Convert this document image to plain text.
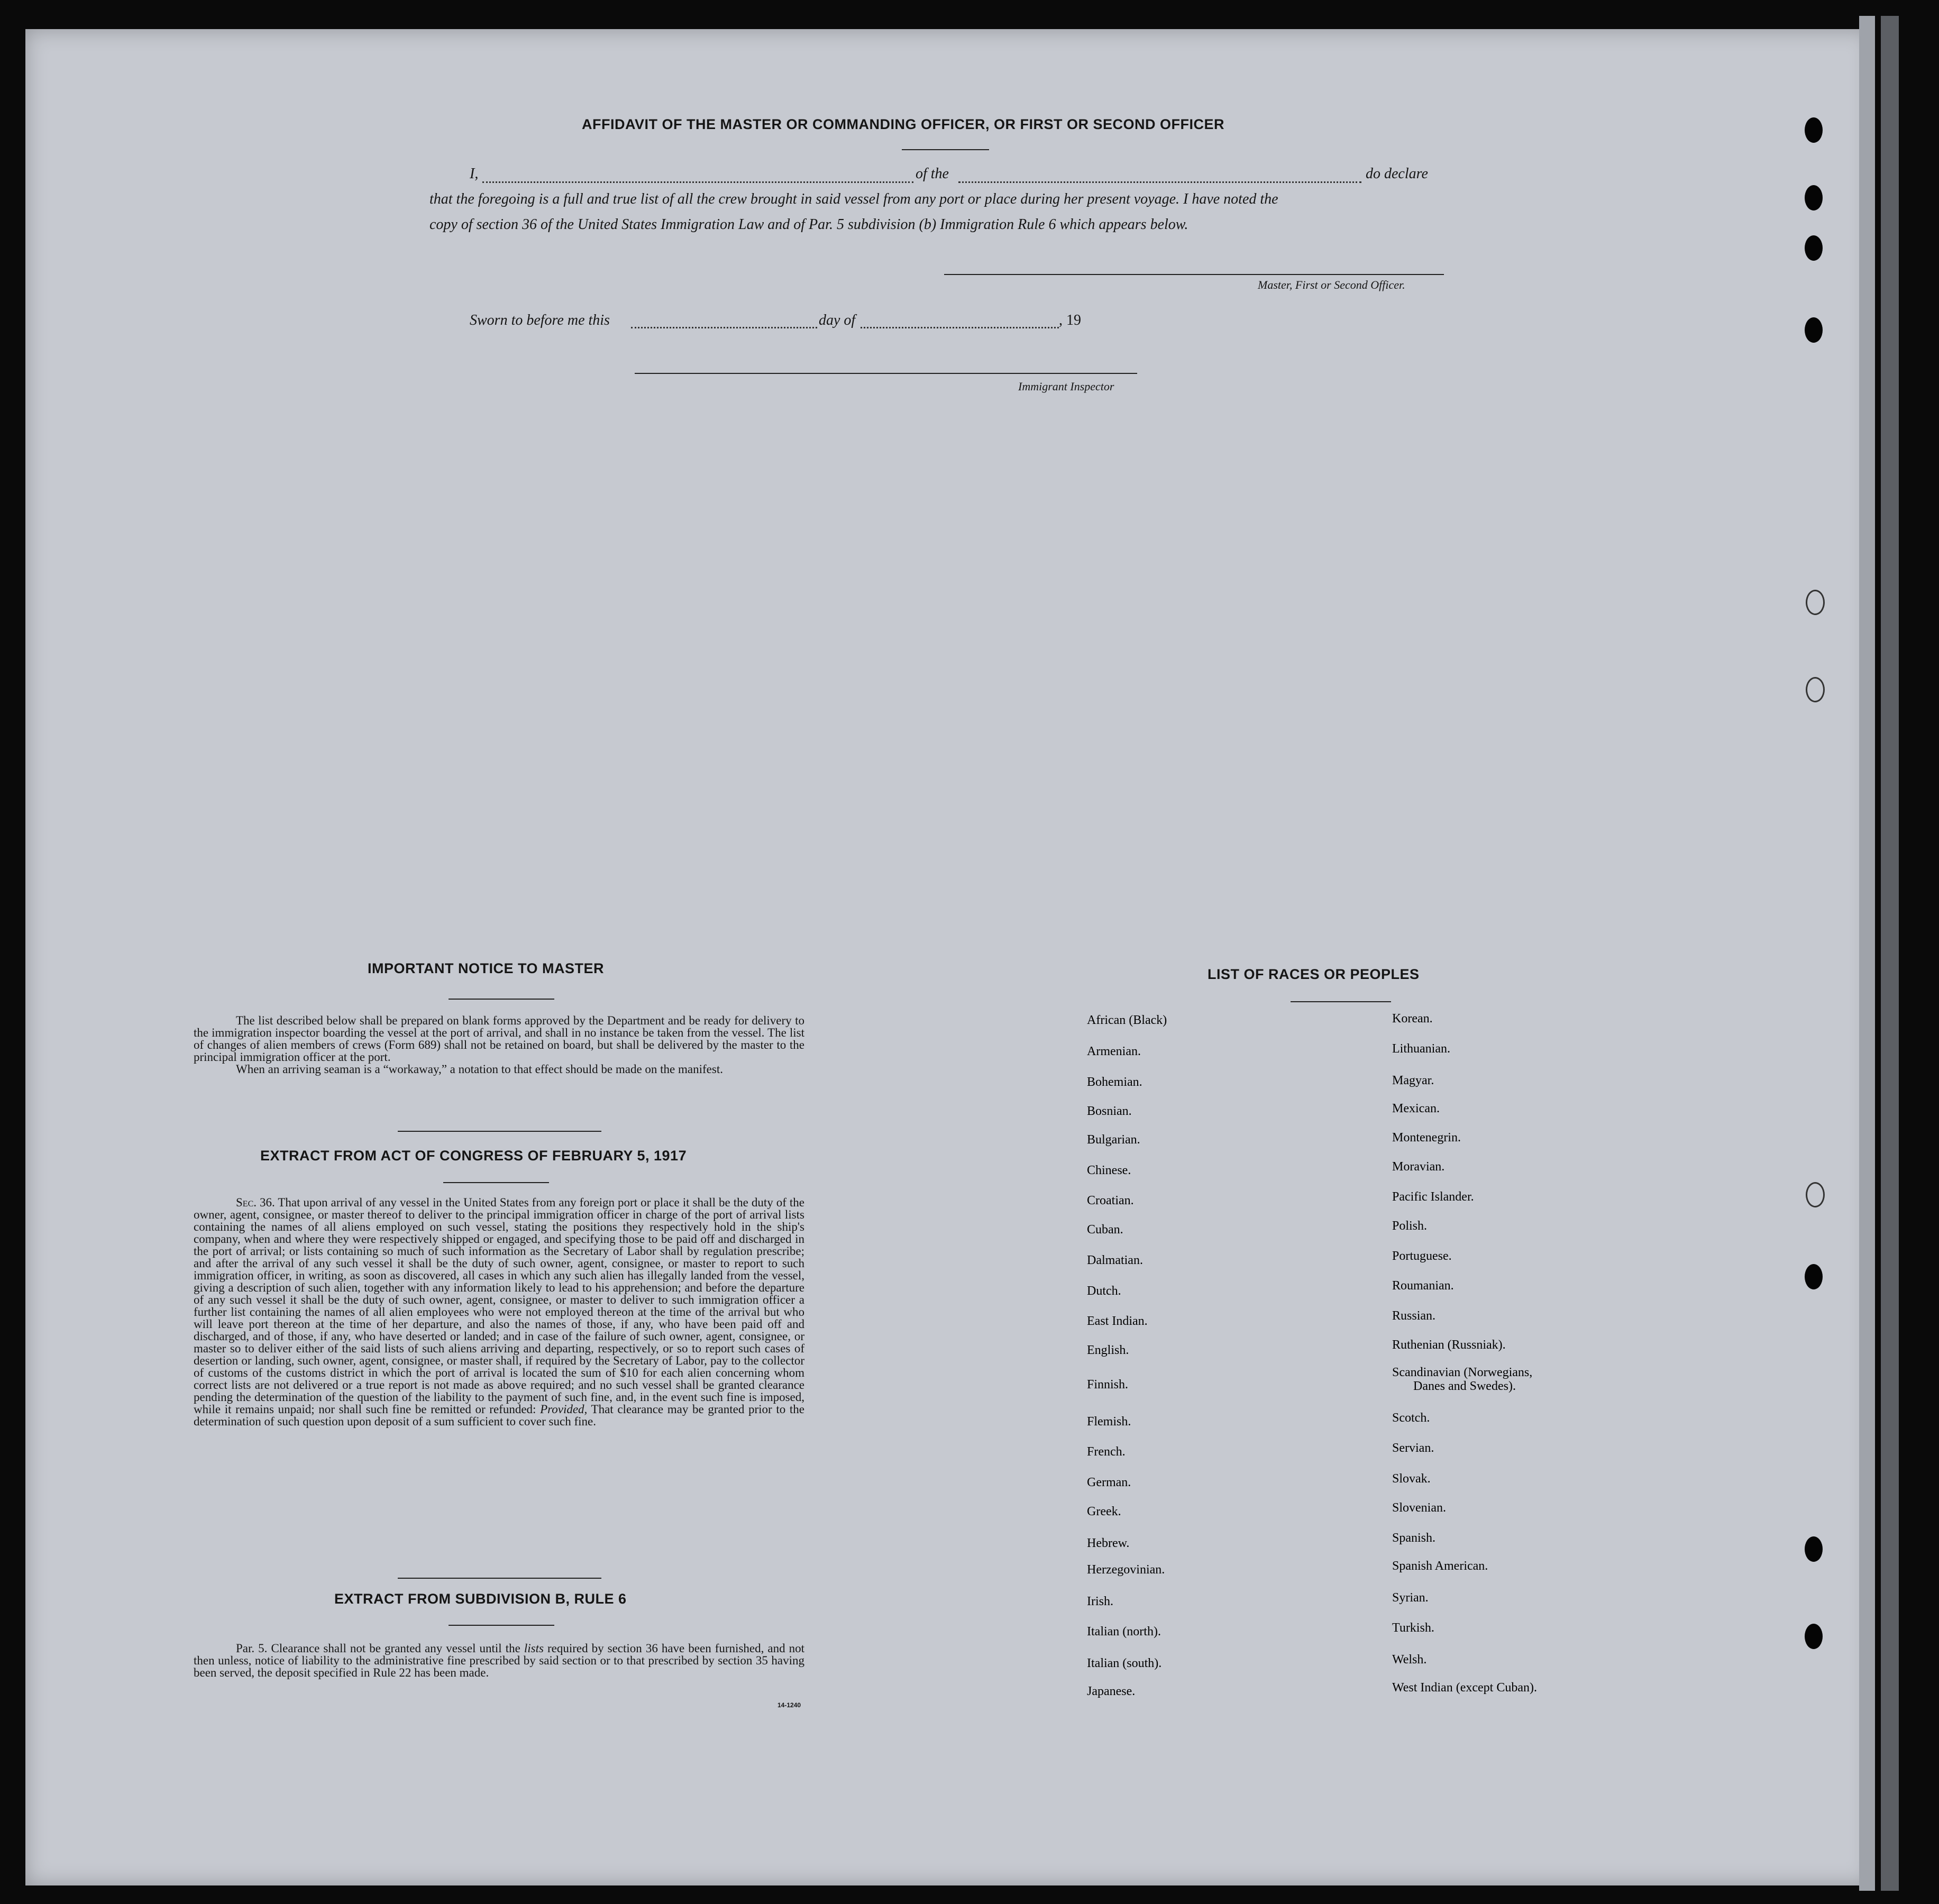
AFFIDAVIT OF THE MASTER OR COMMANDING OFFICER, OR FIRST OR SECOND OFFICER
I,	of the	do declare
that the foregoing is a full and true list of all the crew brought in said vessel from any port or place during her present voyage. I have noted the
copy of section 36 of the United States Immigration Law and of Par. 5 subdivision (b) Immigration Rule 6 which appears below.
Master, First or Second Officer.
Sworn to before me this	day of	, 19
Immigrant Inspector
IMPORTANT NOTICE TO MASTER

The list described below shall be prepared on blank forms approved by the Department and be ready for delivery to the immigration inspector boarding the vessel at the port of arrival, and shall in no instance be taken from the vessel. The list of changes of alien members of crews (Form 689) shall not be retained on board, but shall be delivered by the master to the principal immigration officer at the port.

When an arriving seaman is a “workaway,” a notation to that effect should be made on the manifest.

EXTRACT FROM ACT OF CONGRESS OF FEBRUARY 5, 1917

Sec. 36. That upon arrival of any vessel in the United States from any foreign port or place it shall be the duty of the owner, agent, consignee, or master thereof to deliver to the principal immigration officer in charge of the port of arrival lists containing the names of all aliens employed on such vessel, stating the positions they respectively hold in the ship's company, when and where they were respectively shipped or engaged, and specifying those to be paid off and discharged in the port of arrival; or lists containing so much of such information as the Secretary of Labor shall by regulation prescribe; and after the arrival of any such vessel it shall be the duty of such owner, agent, consignee, or master to report to such immigration officer, in writing, as soon as discovered, all cases in which any such alien has illegally landed from the vessel, giving a description of such alien, together with any information likely to lead to his apprehension; and before the departure of any such vessel it shall be the duty of such owner, agent, consignee, or master to deliver to such immigration officer a further list containing the names of all alien employees who were not employed thereon at the time of the arrival but who will leave port thereon at the time of her departure, and also the names of those, if any, who have been paid off and discharged, and of those, if any, who have deserted or landed; and in case of the failure of such owner, agent, consignee, or master so to deliver either of the said lists of such aliens arriving and departing, respectively, or so to report such cases of desertion or landing, such owner, agent, consignee, or master shall, if required by the Secretary of Labor, pay to the collector of customs of the customs district in which the port of arrival is located the sum of $10 for each alien concerning whom correct lists are not delivered or a true report is not made as above required; and no such vessel shall be granted clearance pending the determination of the question of the liability to the payment of such fine, and, in the event such fine is imposed, while it remains unpaid; nor shall such fine be remitted or refunded: Provided, That clearance may be granted prior to the determination of such question upon deposit of a sum sufficient to cover such fine.

EXTRACT FROM SUBDIVISION B, RULE 6

Par. 5. Clearance shall not be granted any vessel until the lists required by section 36 have been furnished, and not then unless, notice of liability to the administrative fine prescribed by said section or to that prescribed by section 35 having been served, the deposit specified in Rule 22 has been made.

14-1240
LIST OF RACES OR PEOPLES
African (Black)
Armenian.
Bohemian.
Bosnian.
Bulgarian.
Chinese.
Croatian.
Cuban.
Dalmatian.
Dutch.
East Indian.
English.
Finnish.
Flemish.
French.
German.
Greek.
Hebrew.
Herzegovinian.
Irish.
Italian (north).
Italian (south).
Japanese.
Korean.
Lithuanian.
Magyar.
Mexican.
Montenegrin.
Moravian.
Pacific Islander.
Polish.
Portuguese.
Roumanian.
Russian.
Ruthenian (Russniak).
Scandinavian (Norwegians,
Danes and Swedes).
Scotch.
Servian.
Slovak.
Slovenian.
Spanish.
Spanish American.
Syrian.
Turkish.
Welsh.
West Indian (except Cuban).
